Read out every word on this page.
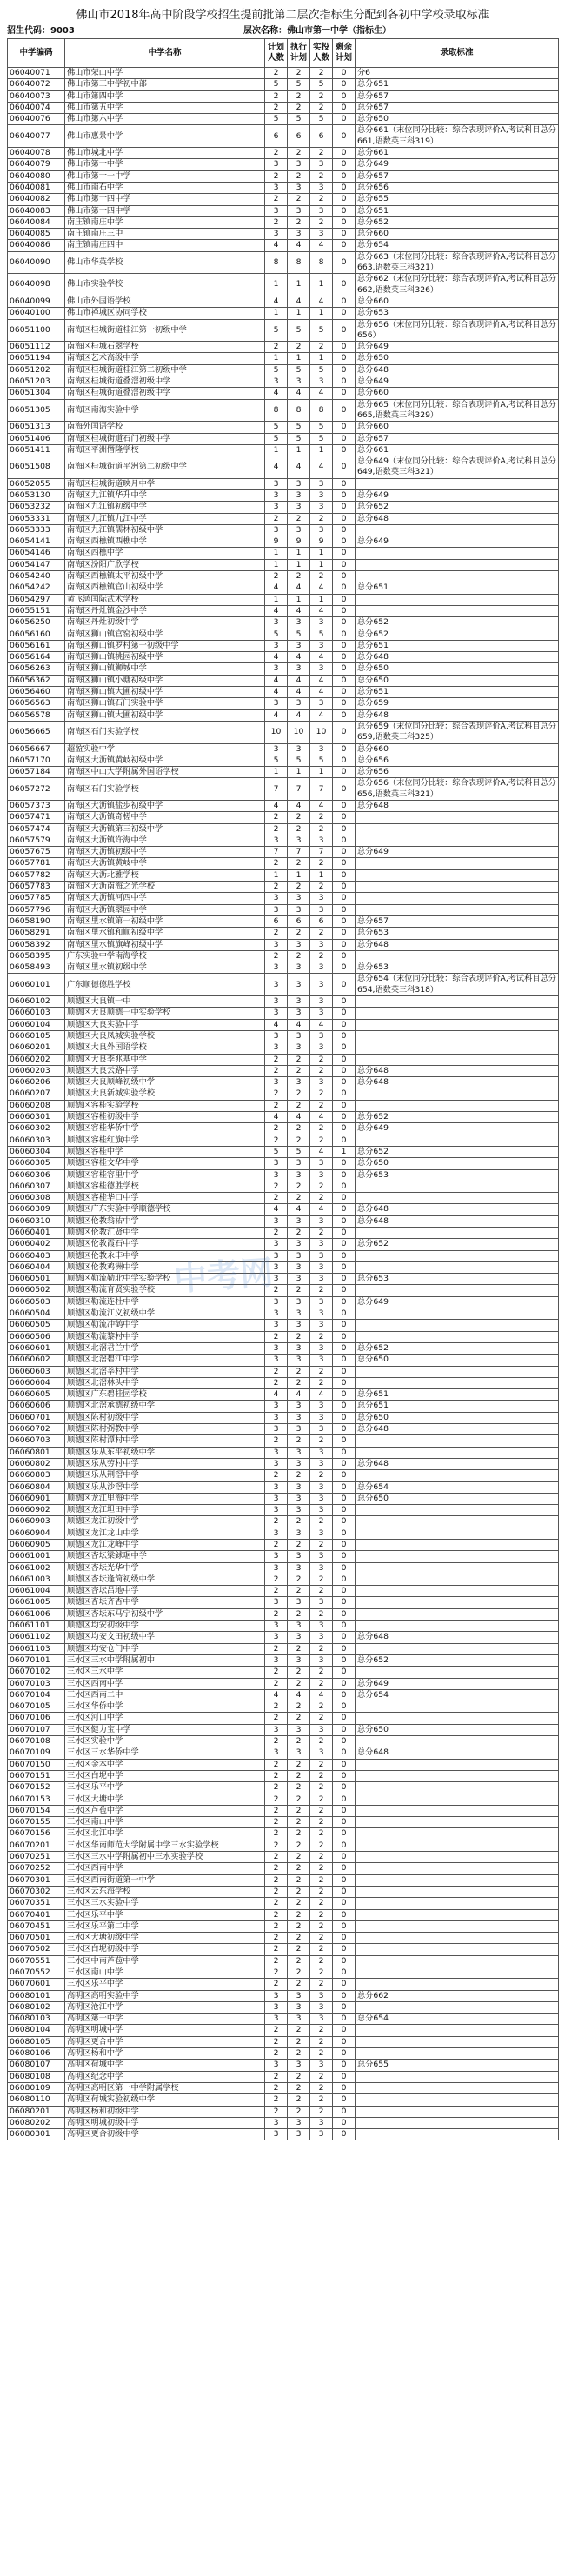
佛山市2018年高中阶段学校招生提前批第二层次指标生分配到各初中学校录取标准
招生代码：9003	层次名称：佛山市第一中学（指标生）
中学编码	中学名称	计划人数	执行计划	实投人数	剩余计划	录取标准
06040071	佛山市荣山中学	2	2	2	0	分6
06040072	佛山市第三中学初中部	5	5	5	0	总分651
06040073	佛山市第四中学	2	2	2	0	总分657
06040074	佛山市第五中学	2	2	2	0	总分657
06040076	佛山市第六中学	5	5	5	0	总分650
06040077	佛山市惠景中学	6	6	6	0	总分661（末位同分比较：综合表现评价A,考试科目总分661,语数英三科319）
06040078	佛山市城北中学	2	2	2	0	总分661
06040079	佛山市第十中学	3	3	3	0	总分649
06040080	佛山市第十一中学	2	2	2	0	总分657
06040081	佛山市南石中学	3	3	3	0	总分656
06040082	佛山市第十四中学	2	2	2	0	总分655
06040083	佛山市第十四中学	3	3	3	0	总分651
06040084	南庄镇南庄中学	2	2	2	0	总分652
06040085	南庄镇南庄三中	3	3	3	0	总分660
06040086	南庄镇南庄四中	4	4	4	0	总分654
06040090	佛山市华英学校	8	8	8	0	总分663（末位同分比较：综合表现评价A,考试科目总分663,语数英三科321）
06040098	佛山市实验学校	1	1	1	0	总分662（末位同分比较：综合表现评价A,考试科目总分662,语数英三科326）
06040099	佛山市外国语学校	4	4	4	0	总分660
06040100	佛山市禅城区协同学校	1	1	1	0	总分653
06051100	南海区桂城街道桂江第一初级中学	5	5	5	0	总分656（末位同分比较：综合表现评价A,考试科目总分656）
06051112	南海区桂城石翠学校	2	2	2	0	总分649
06051194	南海区艺术高级中学	1	1	1	0	总分650
06051202	南海区桂城街道桂江第二初级中学	5	5	5	0	总分648
06051203	南海区桂城街道叠滘初级中学	3	3	3	0	总分649
06051304	南海区桂城街道叠滘初级中学	4	4	4	0	总分660
06051305	南海区南海实验中学	8	8	8	0	总分665（末位同分比较：综合表现评价A,考试科目总分665,语数英三科329）
06051313	南海外国语学校	5	5	5	0	总分660
06051406	南海区桂城街道石门初级中学	5	5	5	0	总分657
06051411	南海区平洲僭隆学校	1	1	1	0	总分661
06051508	南海区桂城街道平洲第二初级中学	4	4	4	0	总分649（末位同分比较：综合表现评价A,考试科目总分649,语数英三科321）
06052055	南海区桂城街道映月中学	3	3	3	0	
06053130	南海区九江镇华升中学	3	3	3	0	总分649
06053232	南海区九江镇初级中学	3	3	3	0	总分652
06053331	南海区九江镇九江中学	2	2	2	0	总分648
06053333	南海区九江镇儒林初级中学	3	3	3	0	
06054141	南海区西樵镇西樵中学	9	9	9	0	总分649
06054146	南海区西樵中学	1	1	1	0	
06054147	南海区汾阳广欣学校	1	1	1	0	
06054240	南海区西樵镇太平初级中学	2	2	2	0	
06054242	南海区西樵镇官山初级中学	4	4	4	0	总分651
06054297	黄飞鸿国际武术学校	1	1	1	0	
06055151	南海区丹灶镇金沙中学	4	4	4	0	
06056250	南海区丹灶初级中学	3	3	3	0	总分652
06056160	南海区狮山镇官窑初级中学	5	5	5	0	总分652
06056161	南海区狮山镇罗村第一初级中学	3	3	3	0	总分651
06056164	南海区狮山镇桃园初级中学	4	4	4	0	总分648
06056263	南海区狮山镇狮城中学	3	3	3	0	总分650
06056362	南海区狮山镇小塘初级中学	4	4	4	0	总分650
06056460	南海区狮山镇大圃初级中学	4	4	4	0	总分651
06056563	南海区狮山镇石门实验中学	3	3	3	0	总分659
06056578	南海区狮山镇大圃初级中学	4	4	4	0	总分648
06056665	南海区石门实验学校	10	10	10	0	总分659（末位同分比较：综合表现评价A,考试科目总分659,语数英三科325）
06056667	超盈实验中学	3	3	3	0	总分660
06057170	南海区大沥镇黄岐初级中学	5	5	5	0	总分656
06057184	南海区中山大学附属外国语学校	1	1	1	0	总分656
06057272	南海区石门实验学校	7	7	7	0	总分656（末位同分比较：综合表现评价A,考试科目总分656,语数英三科321）
06057373	南海区大沥镇盐步初级中学	4	4	4	0	总分648
06057471	南海区大沥镇奇槎中学	2	2	2	0	
06057474	南海区大沥镇第三初级中学	2	2	2	0	
06057579	南海区大沥镇许海中学	3	3	3	0	
06057675	南海区大沥镇初级中学	7	7	7	0	总分649
06057781	南海区大沥镇黄岐中学	2	2	2	0	
06057782	南海区大沥北雅学校	1	1	1	0	
06057783	南海区大沥南海之光学校	2	2	2	0	
06057785	南海区大沥镇河西中学	3	3	3	0	
06057796	南海区大沥镇翠园中学	3	3	3	0	
06058190	南海区里水镇第一初级中学	6	6	6	0	总分657
06058291	南海区里水镇和顺初级中学	2	2	2	0	总分653
06058392	南海区里水镇旗峰初级中学	3	3	3	0	总分648
06058395	广东实验中学南海学校	2	2	2	0	
06058493	南海区里水镇初级中学	3	3	3	0	总分653
06060101	广东顺德德胜学校	3	3	3	0	总分654（末位同分比较：综合表现评价A,考试科目总分654,语数英三科318）
06060102	顺德区大良镇一中	3	3	3	0	
06060103	顺德区大良顺德一中实验学校	3	3	3	0	
06060104	顺德区大良实验中学	4	4	4	0	
06060105	顺德区大良凤城实验学校	3	3	3	0	
06060201	顺德区大良外国语学校	3	3	3	0	
06060202	顺德区大良李兆基中学	2	2	2	0	
06060203	顺德区大良云路中学	2	2	2	0	总分648
06060206	顺德区大良顺峰初级中学	3	3	3	0	总分648
06060207	顺德区大良新城实验学校	2	2	2	0	
06060208	顺德区容桂实验学校	2	2	2	0	
06060301	顺德区容桂初级中学	4	4	4	0	总分652
06060302	顺德区容桂华侨中学	2	2	2	0	总分649
06060303	顺德区容桂红旗中学	2	2	2	0	
06060304	顺德区容桂中学	5	5	4	1	总分652
06060305	顺德区容桂文华中学	3	3	3	0	总分650
06060306	顺德区容桂容里中学	3	3	3	0	总分653
06060307	顺德区容桂德胜学校	2	2	2	0	
06060308	顺德区容桂华口中学	2	2	2	0	
06060309	顺德区广东实验中学顺德学校	4	4	4	0	总分648
06060310	顺德区伦教翁祐中学	3	3	3	0	总分648
06060401	顺德区伦教汇贤中学	2	2	2	0	
06060402	顺德区伦教霞石中学	3	3	3	0	总分652
06060403	顺德区伦教永丰中学	3	3	3	0	
06060404	顺德区伦教鸡洲中学	3	3	3	0	
06060501	顺德区勒流勒北中学实验学校	3	3	3	0	总分653
06060502	顺德区勒流育贤实验学校	2	2	2	0	
06060503	顺德区勒流连杜中学	3	3	3	0	总分649
06060504	顺德区勒流江义初级中学	3	3	3	0	
06060505	顺德区勒流冲鹤中学	3	3	3	0	
06060506	顺德区勒流黎村中学	2	2	2	0	
06060601	顺德区北滘君兰中学	3	3	3	0	总分652
06060602	顺德区北滘碧江中学	3	3	3	0	总分650
06060603	顺德区北滘莘村中学	2	2	2	0	
06060604	顺德区北滘林头中学	2	2	2	0	
06060605	顺德区广东碧桂园学校	4	4	4	0	总分651
06060606	顺德区北滘承德初级中学	3	3	3	0	总分651
06060701	顺德区陈村初级中学	3	3	3	0	总分650
06060702	顺德区陈村弼教中学	3	3	3	0	总分648
06060703	顺德区陈村潭村中学	2	2	2	0	
06060801	顺德区乐从东平初级中学	3	3	3	0	
06060802	顺德区乐从劳村中学	3	3	3	0	总分648
06060803	顺德区乐从荆滘中学	2	2	2	0	
06060804	顺德区乐从沙滘中学	3	3	3	0	总分654
06060901	顺德区龙江里海中学	3	3	3	0	总分650
06060902	顺德区龙江坦田中学	3	3	3	0	
06060903	顺德区龙江初级中学	2	2	2	0	
06060904	顺德区龙江龙山中学	3	3	3	0	
06060905	顺德区龙江龙峰中学	2	2	2	0	
06061001	顺德区杏坛梁銶琚中学	3	3	3	0	
06061002	顺德区杏坛光华中学	3	3	3	0	
06061003	顺德区杏坛逢简初级中学	2	2	2	0	
06061004	顺德区杏坛吕地中学	2	2	2	0	
06061005	顺德区杏坛齐杏中学	3	3	3	0	
06061006	顺德区杏坛东马宁初级中学	2	2	2	0	
06061101	顺德区均安初级中学	3	3	3	0	
06061102	顺德区均安文田初级中学	3	3	3	0	总分648
06061103	顺德区均安仓门中学	2	2	2	0	
06070101	三水区三水中学附属初中	3	3	3	0	总分652
06070102	三水区三水中学	2	2	2	0	
06070103	三水区西南中学	2	2	2	0	总分649
06070104	三水区西南二中	4	4	4	0	总分654
06070105	三水区华侨中学	2	2	2	0	
06070106	三水区河口中学	2	2	2	0	
06070107	三水区健力宝中学	3	3	3	0	总分650
06070108	三水区实验中学	2	2	2	0	
06070109	三水区三水华侨中学	3	3	3	0	总分648
06070150	三水区金本中学	2	2	2	0	
06070151	三水区白坭中学	2	2	2	0	
06070152	三水区乐平中学	2	2	2	0	
06070153	三水区大塘中学	2	2	2	0	
06070154	三水区芦苞中学	2	2	2	0	
06070155	三水区南山中学	2	2	2	0	
06070156	三水区北江中学	2	2	2	0	
06070201	三水区华南师范大学附属中学三水实验学校	2	2	2	0	
06070251	三水区三水中学附属初中三水实验学校	2	2	2	0	
06070252	三水区西南中学	2	2	2	0	
06070301	三水区西南街道第一中学	2	2	2	0	
06070302	三水区云东海学校	2	2	2	0	
06070351	三水区三水实验中学	2	2	2	0	
06070401	三水区乐平中学	2	2	2	0	
06070451	三水区乐平第二中学	2	2	2	0	
06070501	三水区大塘初级中学	2	2	2	0	
06070502	三水区白坭初级中学	2	2	2	0	
06070551	三水区中南芦苞中学	2	2	2	0	
06070552	三水区南山中学	2	2	2	0	
06070601	三水区乐平中学	2	2	2	0	
06080101	高明区高明实验中学	3	3	3	0	总分662
06080102	高明区沧江中学	3	3	3	0	
06080103	高明区第一中学	3	3	3	0	总分654
06080104	高明区明城中学	2	2	2	0	
06080105	高明区更合中学	2	2	2	0	
06080106	高明区杨和中学	2	2	2	0	
06080107	高明区荷城中学	3	3	3	0	总分655
06080108	高明区纪念中学	2	2	2	0	
06080109	高明区高明区第一中学附属学校	2	2	2	0	
06080110	高明区荷城实验初级中学	2	2	2	0	
06080201	高明区杨和初级中学	2	2	2	0	
06080202	高明区明城初级中学	3	3	3	0	
06080301	高明区更合初级中学	3	3	3	0	
中考网
